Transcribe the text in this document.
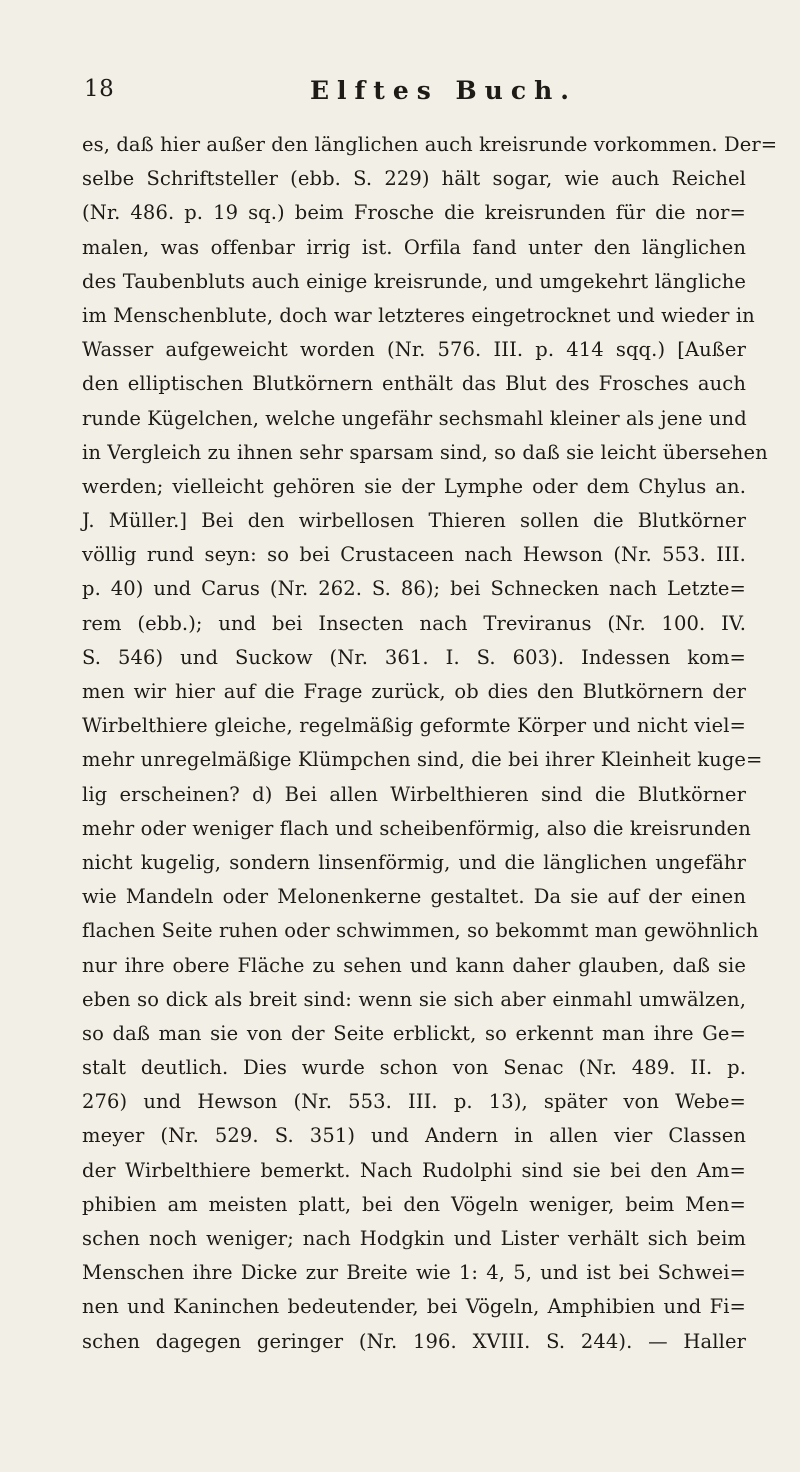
18	Elftes Buch.
es, daß hier außer den länglichen auch kreisrunde vorkommen. Der=
selbe Schriftsteller (ebb. S. 229) hält sogar, wie auch Reichel
(Nr. 486. p. 19 sq.) beim Frosche die kreisrunden für die nor=
malen, was offenbar irrig ist. Orfila fand unter den länglichen
des Taubenbluts auch einige kreisrunde, und umgekehrt längliche
im Menschenblute, doch war letzteres eingetrocknet und wieder in
Wasser aufgeweicht worden (Nr. 576. III. p. 414 sqq.) [Außer
den elliptischen Blutkörnern enthält das Blut des Frosches auch
runde Kügelchen, welche ungefähr sechsmahl kleiner als jene und
in Vergleich zu ihnen sehr sparsam sind, so daß sie leicht übersehen
werden; vielleicht gehören sie der Lymphe oder dem Chylus an.
J. Müller.] Bei den wirbellosen Thieren sollen die Blutkörner
völlig rund seyn: so bei Crustaceen nach Hewson (Nr. 553. III.
p. 40) und Carus (Nr. 262. S. 86); bei Schnecken nach Letzte=
rem (ebb.); und bei Insecten nach Treviranus (Nr. 100. IV.
S. 546) und Suckow (Nr. 361. I. S. 603). Indessen kom=
men wir hier auf die Frage zurück, ob dies den Blutkörnern der
Wirbelthiere gleiche, regelmäßig geformte Körper und nicht viel=
mehr unregelmäßige Klümpchen sind, die bei ihrer Kleinheit kuge=
lig erscheinen? d) Bei allen Wirbelthieren sind die Blutkörner
mehr oder weniger flach und scheibenförmig, also die kreisrunden
nicht kugelig, sondern linsenförmig, und die länglichen ungefähr
wie Mandeln oder Melonenkerne gestaltet. Da sie auf der einen
flachen Seite ruhen oder schwimmen, so bekommt man gewöhnlich
nur ihre obere Fläche zu sehen und kann daher glauben, daß sie
eben so dick als breit sind: wenn sie sich aber einmahl umwälzen,
so daß man sie von der Seite erblickt, so erkennt man ihre Ge=
stalt deutlich. Dies wurde schon von Senac (Nr. 489. II. p.
276) und Hewson (Nr. 553. III. p. 13), später von Webe=
meyer (Nr. 529. S. 351) und Andern in allen vier Classen
der Wirbelthiere bemerkt. Nach Rudolphi sind sie bei den Am=
phibien am meisten platt, bei den Vögeln weniger, beim Men=
schen noch weniger; nach Hodgkin und Lister verhält sich beim
Menschen ihre Dicke zur Breite wie 1: 4, 5, und ist bei Schwei=
nen und Kaninchen bedeutender, bei Vögeln, Amphibien und Fi=
schen dagegen geringer (Nr. 196. XVIII. S. 244). — Haller
